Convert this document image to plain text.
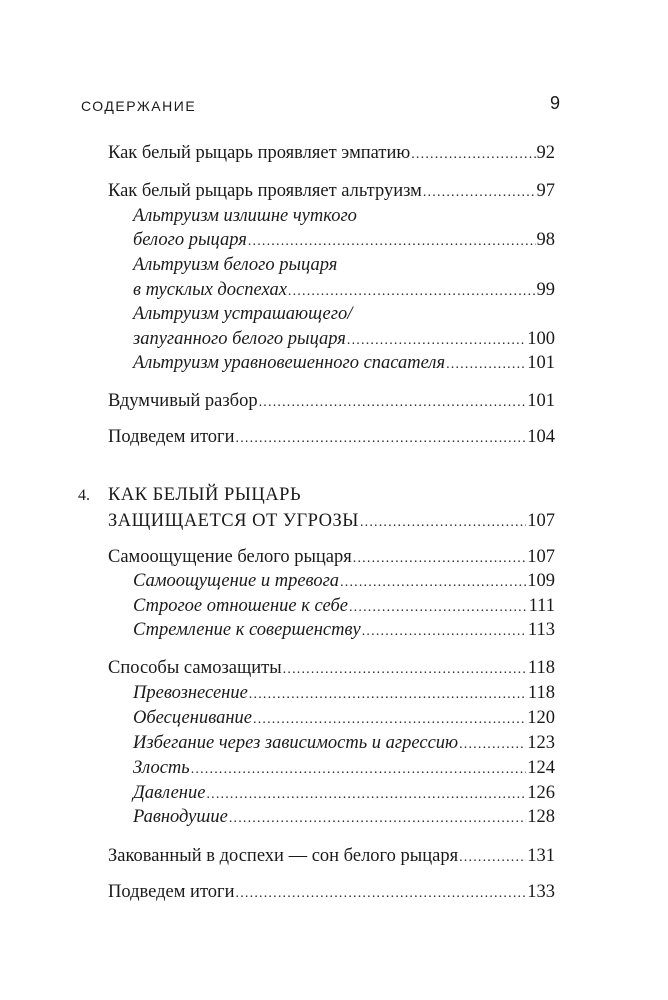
СОДЕРЖАНИЕ	9
Как белый рыцарь проявляет эмпатию .....	92
Как белый рыцарь проявляет альтруизм .....	97
Альтруизм излишне чуткого
белого рыцаря .....	98
Альтруизм белого рыцаря
в тусклых доспехах .....	99
Альтруизм устрашающего/
запуганного белого рыцаря .....	100
Альтруизм уравновешенного спасателя .....	101
Вдумчивый разбор .....	101
Подведем итоги .....	104
4. КАК БЕЛЫЙ РЫЦАРЬ
ЗАЩИЩАЕТСЯ ОТ УГРОЗЫ .....	107
Самоощущение белого рыцаря .....	107
Самоощущение и тревога .....	109
Строгое отношение к себе .....	111
Стремление к совершенству .....	113
Способы самозащиты .....	118
Превознесение .....	118
Обесценивание .....	120
Избегание через зависимость и агрессию .....	123
Злость .....	124
Давление .....	126
Равнодушие .....	128
Закованный в доспехи — сон белого рыцаря .....	131
Подведем итоги .....	133
